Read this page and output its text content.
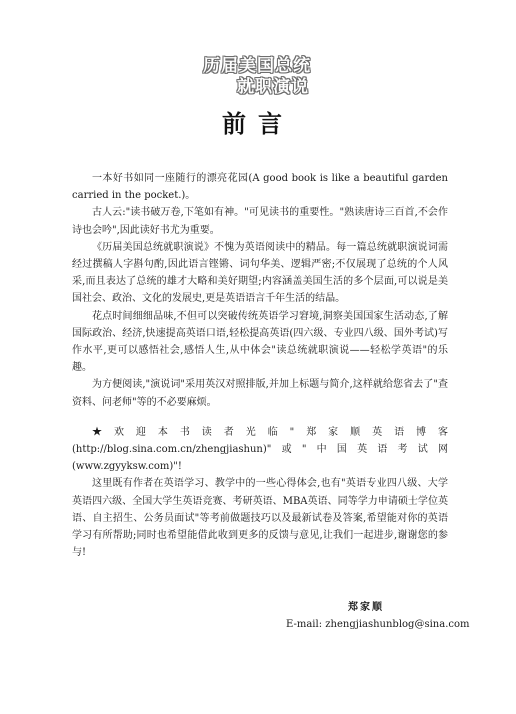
历届美国总统
就职演说
前言

一本好书如同一座随行的漂亮花园(A good book is like a beautiful garden carried in the pocket.)。

古人云:"读书破万卷,下笔如有神。"可见读书的重要性。"熟读唐诗三百首,不会作诗也会吟",因此读好书尤为重要。

《历届美国总统就职演说》不愧为英语阅读中的精品。每一篇总统就职演说词需经过撰稿人字斟句酌,因此语言铿锵、词句华美、逻辑严密;不仅展现了总统的个人风采,而且表达了总统的雄才大略和美好期望;内容涵盖美国生活的多个层面,可以说是美国社会、政治、文化的发展史,更是英语语言千年生活的结晶。

花点时间细细品味,不但可以突破传统英语学习窘境,洞察美国国家生活动态,了解国际政治、经济,快速提高英语口语,轻松提高英语(四六级、专业四八级、国外考试)写作水平,更可以感悟社会,感悟人生,从中体会"读总统就职演说——轻松学英语"的乐趣。

为方便阅读,"演说词"采用英汉对照排版,并加上标题与简介,这样就给您省去了"查资料、问老师"等的不必要麻烦。

★欢迎本书读者光临"郑家顺英语博客(http://blog.sina.com.cn/zhengjiashun)"或"中国英语考试网(www.zgyyksw.com)"!

这里既有作者在英语学习、教学中的一些心得体会,也有"英语专业四八级、大学英语四六级、全国大学生英语竞赛、考研英语、MBA英语、同等学力申请硕士学位英语、自主招生、公务员面试"等考前做题技巧以及最新试卷及答案,希望能对你的英语学习有所帮助;同时也希望能借此收到更多的反馈与意见,让我们一起进步,谢谢您的参与!

郑家顺
E-mail: zhengjiashunblog@sina.com
